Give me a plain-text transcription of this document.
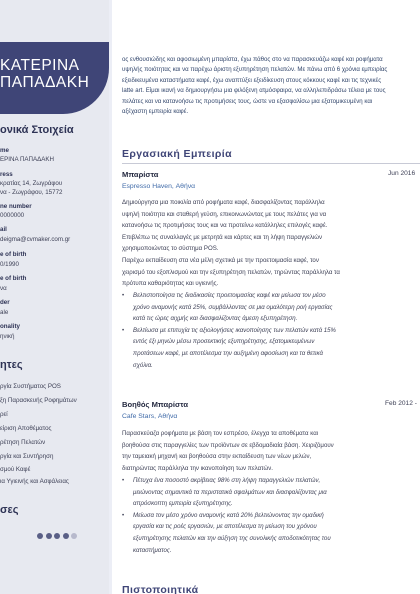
ΚΑΤΕΡΙΝΑ
ΠΑΠΑΔΑΚΗ
ονικά Στοιχεία
me
ΕΡΙΝΑ ΠΑΠΑΔΑΚΗ
ress
κρατίας 14, Ζωγράφου
να - Ζωγράφου, 15772
ne number
0000000
ail
deigma@cvmaker.com.gr
e of birth
0/1990
e of birth
να
der
ale
onality
ηνική
ητες
ργία Συστήματος POS
ξη Παρασκευής Ροφημάτων
ρεί
είριση Αποθέματος
ρέτηση Πελατών
ργία και Συντήρηση
σμού Καφέ
ια Υγιεινής και Ασφάλειας
σες
ος ενθουσιώδης και αφοσιωμένη μπαρίστα, έχω πάθος στο να παρασκευάζω καφέ και ροφήματα
υψηλής ποιότητας και να παρέχω άριστη εξυπηρέτηση πελατών. Με πάνω από 6 χρόνια εμπειρίας
εξειδικευμένα καταστήματα καφέ, έχω αναπτύξει εξειδίκευση στους κόκκους καφέ και τις τεχνικές
latte art. Είμαι ικανή να δημιουργήσω μια φιλόξενη ατμόσφαιρα, να αλληλεπιδράσω τέλεια με τους
πελάτες και να κατανοήσω τις προτιμήσεις τους, ώστε να εξασφαλίσω μια εξατομικευμένη και
αξέχαστη εμπειρία καφέ.
Εργασιακή Εμπειρία
Μπαρίστα	Jun 2016
Espresso Haven, Αθήνα
Δημιούργησα μια ποικιλία από ροφήματα καφέ, διασφαλίζοντας παράλληλα
υψηλή ποιότητα και σταθερή γεύση, επικοινωνώντας με τους πελάτες για να
κατανοήσω τις προτιμήσεις τους και να προτείνω κατάλληλες επιλογές καφέ.
Επιβλέπω τις συναλλαγές με μετρητά και κάρτες και τη λήψη παραγγελιών
χρησιμοποιώντας το σύστημα POS.
Παρέχω εκπαίδευση στα νέα μέλη σχετικά με την προετοιμασία καφέ, τον
χειρισμό του εξοπλισμού και την εξυπηρέτηση πελατών, τηρώντας παράλληλα τα
πρότυπα καθαριότητας και υγιεινής.
• Βελτιστοποίησα τις διαδικασίες προετοιμασίας καφέ και μείωσα τον μέσο
χρόνο αναμονής κατά 25%, συμβάλλοντας σε μια ομαλότερη ροή εργασίας
κατά τις ώρες αιχμής και διασφαλίζοντας άμεση εξυπηρέτηση.
• Βελτίωσα με επιτυχία τις αξιολογήσεις ικανοποίησης των πελατών κατά 15%
εντός έξι μηνών μέσω προσεκτικής εξυπηρέτησης, εξατομικευμένων
προτάσεων καφέ, με αποτέλεσμα την αυξημένη αφοσίωση και τα θετικά
σχόλια.
Βοηθός Μπαρίστα	Feb 2012 -
Cafe Stars, Αθήνα
Παρασκεύαζα ροφήματα με βάση τον εσπρέσο, έλεγχα τα αποθέματα και
βοηθούσα στις παραγγελίες των προϊόντων σε εβδομαδιαία βάση. Χειριζόμουν
την ταμειακή μηχανή και βοηθούσα στην εκπαίδευση των νέων μελών,
διατηρώντας παράλληλα την ικανοποίηση των πελατών.
• Πέτυχα ένα ποσοστό ακρίβειας 98% στη λήψη παραγγελιών πελατών,
μειώνοντας σημαντικά τα περιστατικά σφαλμάτων και διασφαλίζοντας μια
απρόσκοπτη εμπειρία εξυπηρέτησης.
• Μείωσα τον μέσο χρόνο αναμονής κατά 20% βελτιώνοντας την ομαδική
εργασία και τις ροές εργασιών, με αποτέλεσμα τη μείωση του χρόνου
εξυπηρέτησης πελατών και την αύξηση της συνολικής αποδοτικότητας του
καταστήματος.
Πιστοποιητικά
